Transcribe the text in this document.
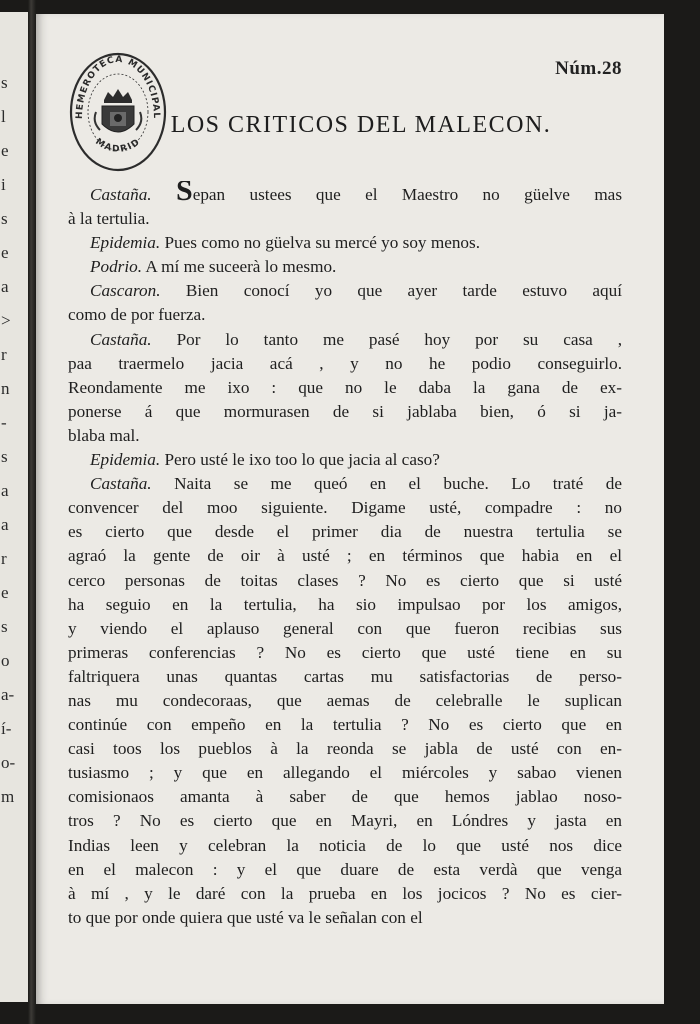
s
l
e
i
s
e
a
>
r
n
-
s
a
a
r
e
s
o
a-
í-
o-
m
Núm.28
HEMEROTECA MUNICIPAL
MADRID
LOS CRITICOS DEL MALECON.
Castaña. Sepan ustees que el Maestro no güelve mas
à la tertulia.
Epidemia. Pues como no güelva su mercé yo soy menos.
Podrio. A mí me suceerà lo mesmo.
Cascaron. Bien conocí yo que ayer tarde estuvo aquí
como de por fuerza.
Castaña. Por lo tanto me pasé hoy por su casa ,
paa traermelo jacia acá , y no he podio conseguirlo.
Reondamente me ixo : que no le daba la gana de ex-
ponerse á que mormurasen de si jablaba bien, ó si ja-
blaba mal.
Epidemia. Pero usté le ixo too lo que jacia al caso?
Castaña. Naita se me queó en el buche. Lo traté de
convencer del moo siguiente. Digame usté, compadre : no
es cierto que desde el primer dia de nuestra tertulia se
agraó la gente de oir à usté ; en términos que habia en el
cerco personas de toitas clases ? No es cierto que si usté
ha seguio en la tertulia, ha sio impulsao por los amigos,
y viendo el aplauso general con que fueron recibias sus
primeras conferencias ? No es cierto que usté tiene en su
faltriquera unas quantas cartas mu satisfactorias de perso-
nas mu condecoraas, que aemas de celebralle le suplican
continúe con empeño en la tertulia ? No es cierto que en
casi toos los pueblos à la reonda se jabla de usté con en-
tusiasmo ; y que en allegando el miércoles y sabao vienen
comisionaos amanta à saber de que hemos jablao noso-
tros ? No es cierto que en Mayri, en Lóndres y jasta en
Indias leen y celebran la noticia de lo que usté nos dice
en el malecon : y el que duare de esta verdà que venga
à mí , y le daré con la prueba en los jocicos ? No es cier-
to que por onde quiera que usté va le señalan con el
